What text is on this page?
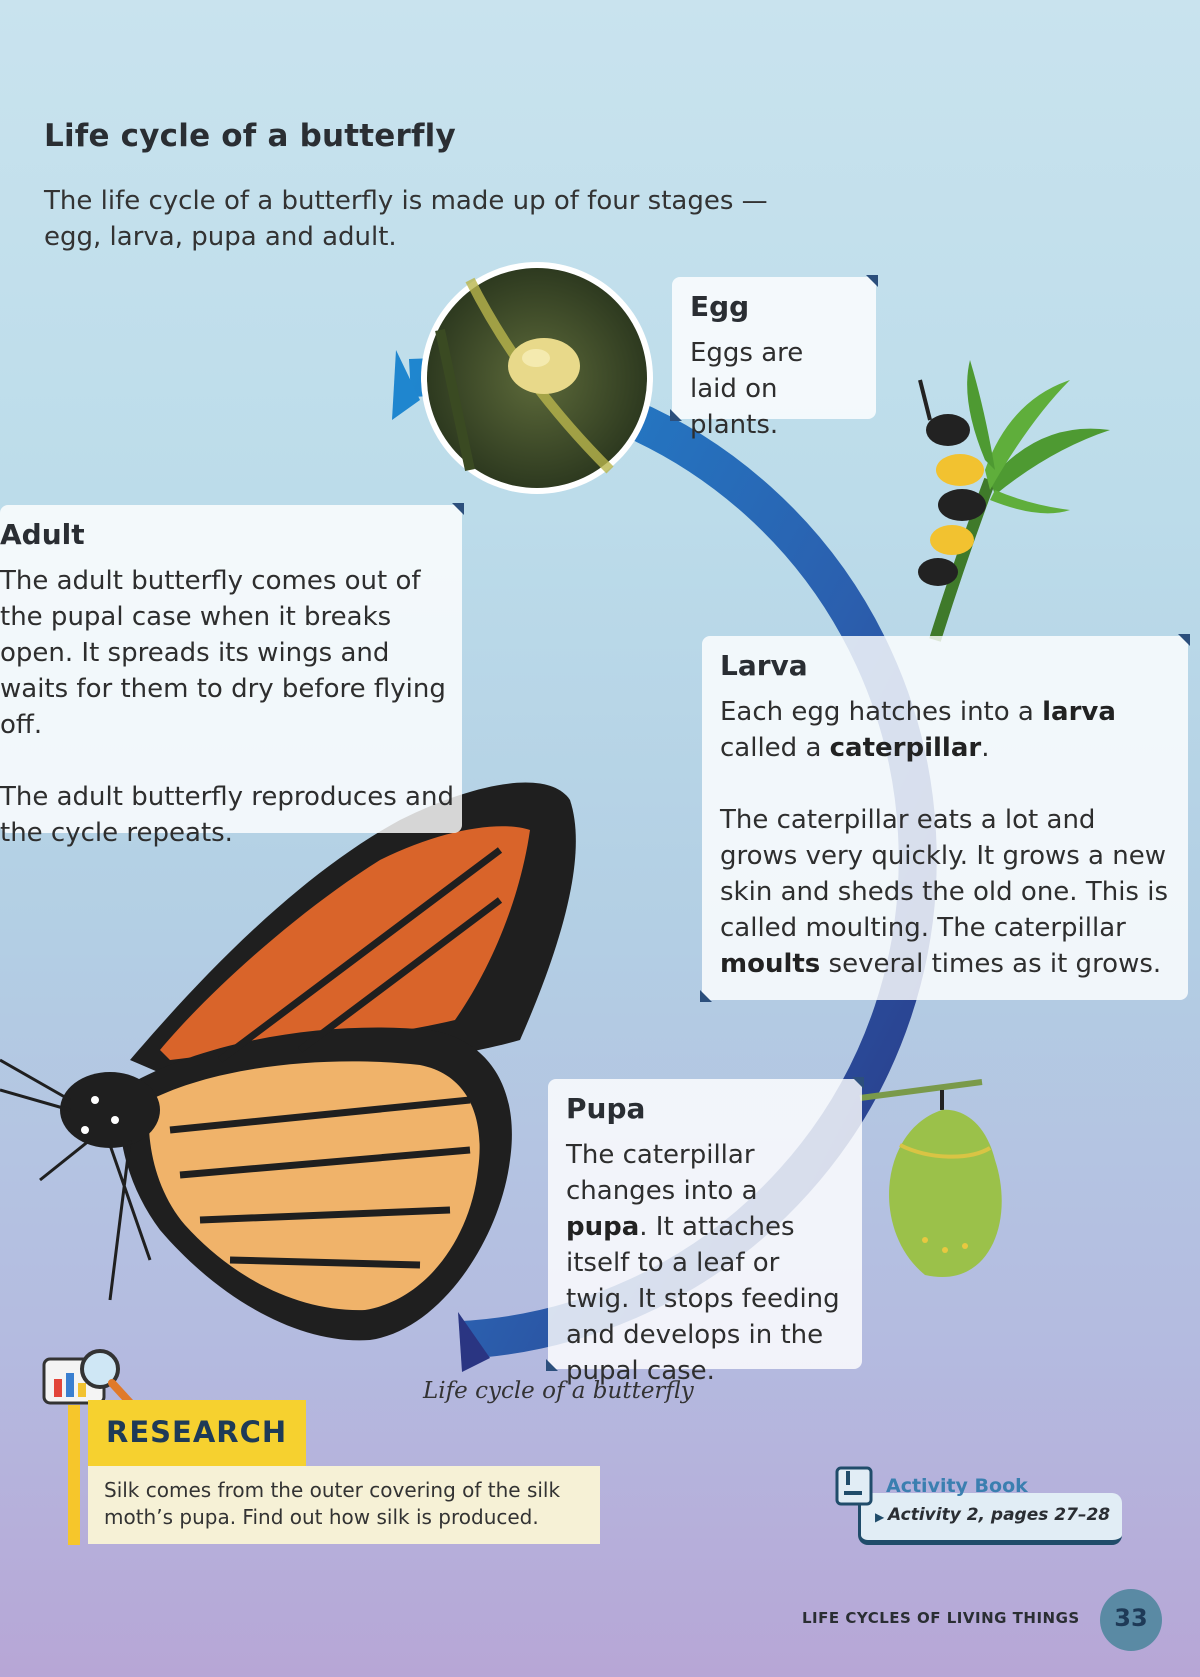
Life cycle of a butterfly
The life cycle of a butterfly is made up of four stages — egg, larva, pupa and adult.
Egg

Eggs are laid on plants.

Adult

The adult butterfly comes out of the pupal case when it breaks open. It spreads its wings and waits for them to dry before flying off.

The adult butterfly reproduces and the cycle repeats.

Larva

Each egg hatches into a larva called a caterpillar.

The caterpillar eats a lot and grows very quickly. It grows a new skin and sheds the old one. This is called moulting. The caterpillar moults several times as it grows.

Pupa

The caterpillar changes into a pupa. It attaches itself to a leaf or twig. It stops feeding and develops in the pupal case.

Life cycle of a butterfly
RESEARCH
Silk comes from the outer covering of the silk moth’s pupa. Find out how silk is produced.
Activity Book
▶ Activity 2, pages 27–28
LIFE CYCLES OF LIVING THINGS	33
